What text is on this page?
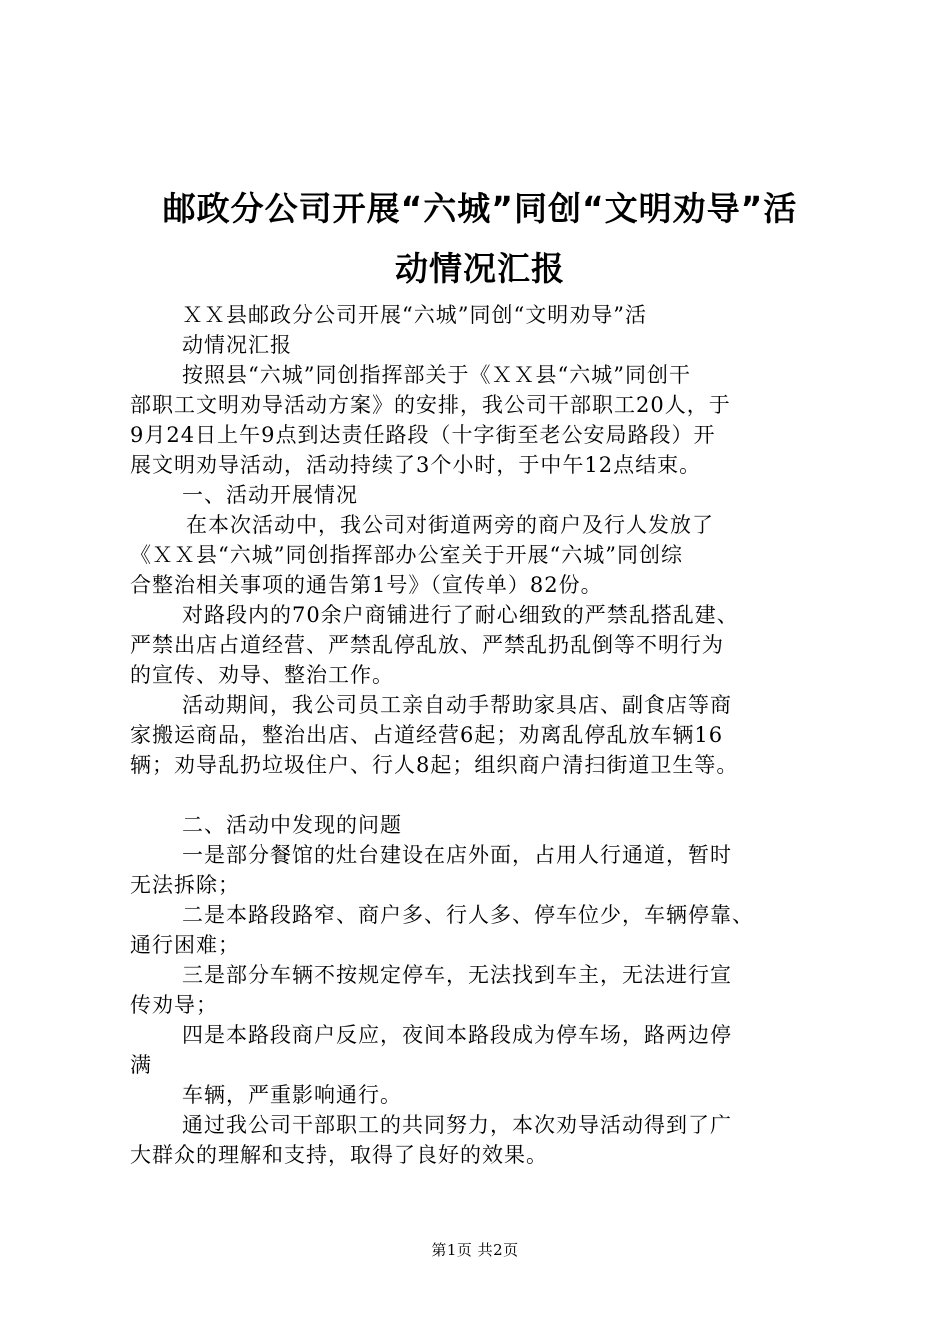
邮政分公司开展“六城”同创“文明劝导”活
动情况汇报
ＸＸ县邮政分公司开展“六城”同创“文明劝导”活
动情况汇报
按照县“六城”同创指挥部关于《ＸＸ县“六城”同创干
部职工文明劝导活动方案》的安排，我公司干部职工20人，于
9月24日上午9点到达责任路段（十字街至老公安局路段）开
展文明劝导活动，活动持续了3个小时，于中午12点结束。
一、活动开展情况
在本次活动中，我公司对街道两旁的商户及行人发放了
《ＸＸ县“六城”同创指挥部办公室关于开展“六城”同创综
合整治相关事项的通告第1号》（宣传单）82份。
对路段内的70余户商铺进行了耐心细致的严禁乱搭乱建、
严禁出店占道经营、严禁乱停乱放、严禁乱扔乱倒等不明行为
的宣传、劝导、整治工作。
活动期间，我公司员工亲自动手帮助家具店、副食店等商
家搬运商品，整治出店、占道经营6起；劝离乱停乱放车辆16
辆；劝导乱扔垃圾住户、行人8起；组织商户清扫街道卫生等。
二、活动中发现的问题
一是部分餐馆的灶台建设在店外面，占用人行通道，暂时
无法拆除；
二是本路段路窄、商户多、行人多、停车位少，车辆停靠、
通行困难；
三是部分车辆不按规定停车，无法找到车主，无法进行宣
传劝导；
四是本路段商户反应，夜间本路段成为停车场，路两边停
满
车辆，严重影响通行。
通过我公司干部职工的共同努力，本次劝导活动得到了广
大群众的理解和支持，取得了良好的效果。
第1页 共2页
